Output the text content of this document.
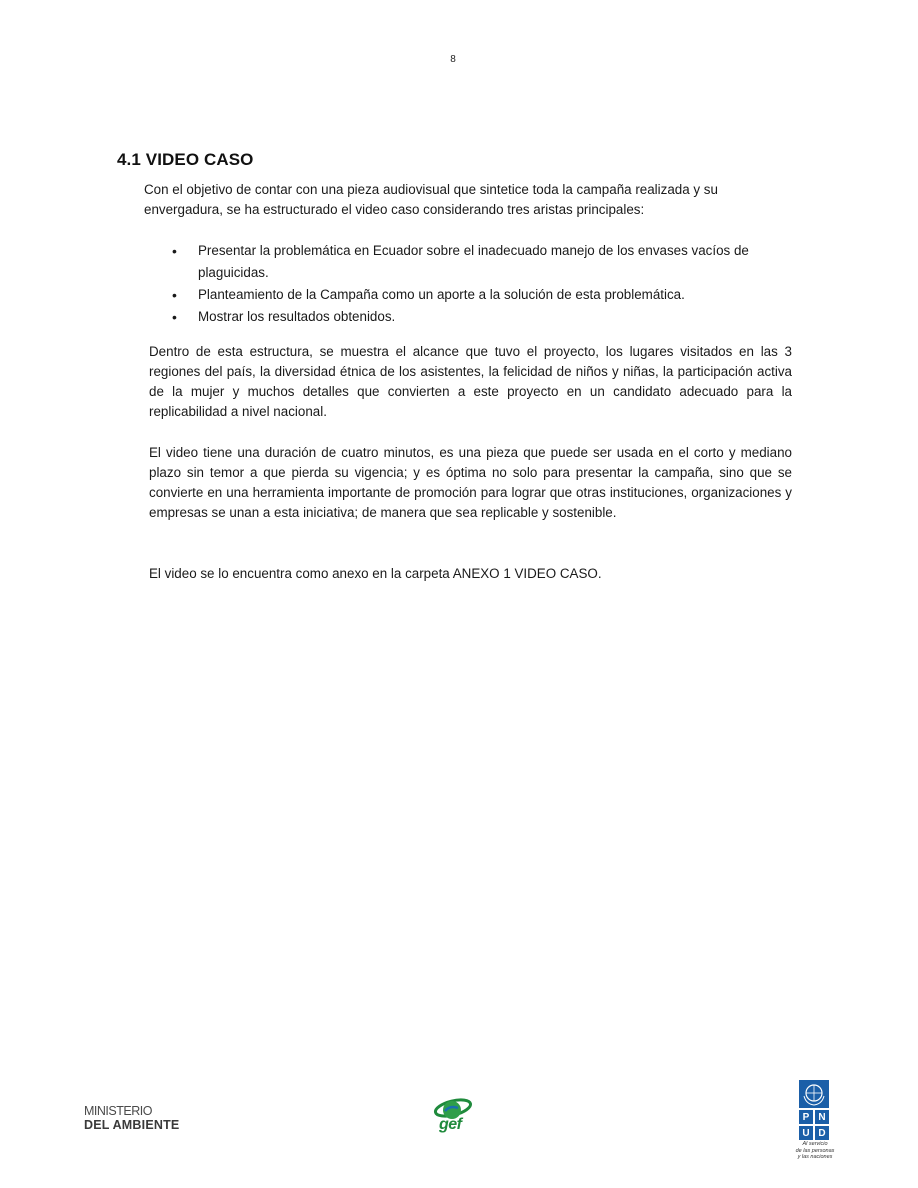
8
4.1 VIDEO CASO

Con el objetivo de contar con una pieza audiovisual que sintetice toda la campaña realizada y su envergadura, se ha estructurado el video caso considerando tres aristas principales:

• Presentar la problemática en Ecuador sobre el inadecuado manejo de los envases vacíos de plaguicidas.
• Planteamiento de la Campaña como un aporte a la solución de esta problemática.
• Mostrar los resultados obtenidos.

Dentro de esta estructura, se muestra el alcance que tuvo el proyecto, los lugares visitados en las 3 regiones del país, la diversidad étnica de los asistentes, la felicidad de niños y niñas, la participación activa de la mujer y muchos detalles que convierten a este proyecto en un candidato adecuado para la replicabilidad a nivel nacional.

El video tiene una duración de cuatro minutos, es una pieza que puede ser usada en el corto y mediano plazo sin temor a que pierda su vigencia; y es óptima no solo para presentar la campaña, sino que se convierte en una herramienta importante de promoción para lograr que otras instituciones, organizaciones y empresas se unan a esta iniciativa; de manera que sea replicable y sostenible.

El video se lo encuentra como anexo en la carpeta ANEXO 1 VIDEO CASO.

MINISTERIO
DEL AMBIENTE	gef	P N
U D
Al servicio
de las personas
y las naciones
